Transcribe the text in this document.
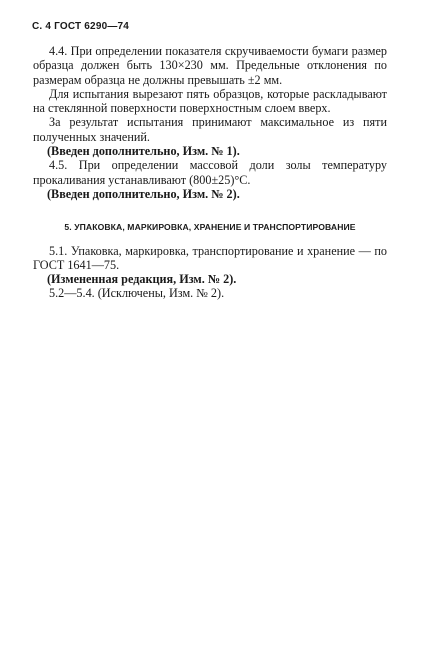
С. 4 ГОСТ 6290—74

4.4. При определении показателя скручиваемости бумаги размер образца должен быть 130×230 мм. Предельные отклонения по размерам образца не должны превышать ±2 мм.

Для испытания вырезают пять образцов, которые раскладывают на стеклянной поверхности поверхностным слоем вверх.

За результат испытания принимают максимальное из пяти полученных значений.

(Введен дополнительно, Изм. № 1).

4.5. При определении массовой доли золы температуру прокаливания устанавливают (800±25)°С.

(Введен дополнительно, Изм. № 2).

5. УПАКОВКА, МАРКИРОВКА, ХРАНЕНИЕ И ТРАНСПОРТИРОВАНИЕ

5.1. Упаковка, маркировка, транспортирование и хранение — по ГОСТ 1641—75.

(Измененная редакция, Изм. № 2).

5.2—5.4. (Исключены, Изм. № 2).
